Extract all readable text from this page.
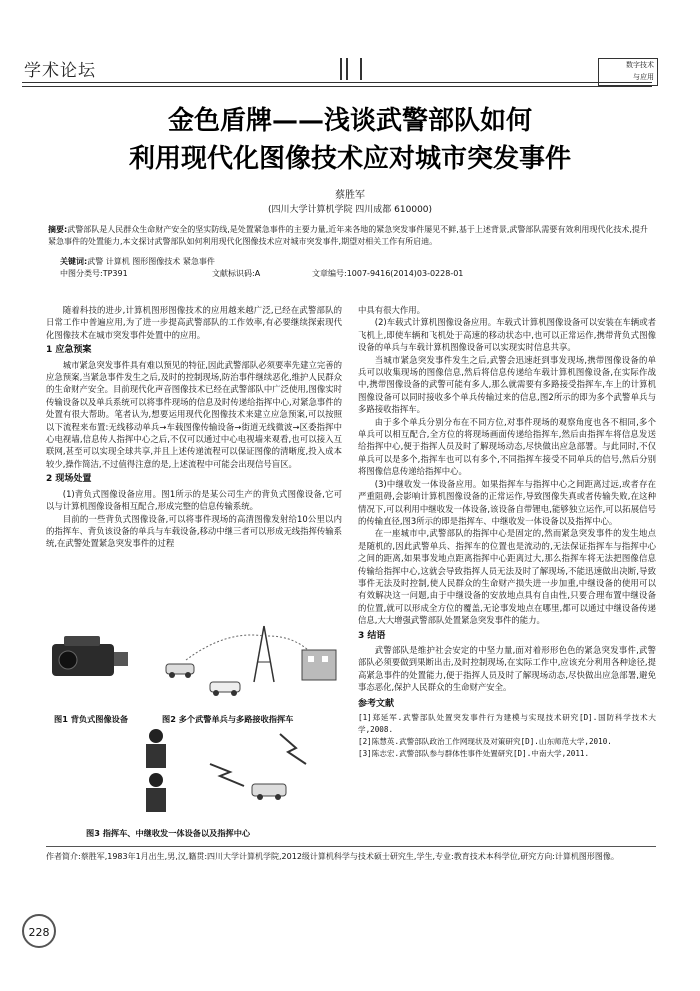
学术论坛	数字技术
与应用
金色盾牌——浅谈武警部队如何
利用现代化图像技术应对城市突发事件
蔡胜军
(四川大学计算机学院 四川成都 610000)
摘要:武警部队是人民群众生命财产安全的坚实防线,是处置紧急事件的主要力量,近年来各地的紧急突发事件屡见不鲜,基于上述背景,武警部队需要有效利用现代化技术,提升紧急事件的处置能力,本文探讨武警部队如何利用现代化图像技术应对城市突发事件,期望对相关工作有所启迪。
关键词:武警 计算机 图形图像技术 紧急事件
中图分类号:TP391	文献标识码:A	文章编号:1007-9416(2014)03-0228-01

随着科技的进步,计算机图形图像技术的应用越来越广泛,已经在武警部队的日常工作中普遍应用,为了进一步提高武警部队的工作效率,有必要继续探索现代化图像技术在城市突发事件处置中的应用。

1 应急预案

城市紧急突发事件具有难以预见的特征,因此武警部队必须要率先建立完善的应急预案,当紧急事件发生之后,及时的控制现场,防治事件继续恶化,维护人民群众的生命财产安全。目前现代化声音图像技术已经在武警部队中广泛使用,图像实时传输设备以及单兵系统可以将事件现场的信息及时传递给指挥中心,对紧急事件的处置有很大帮助。笔者认为,想要运用现代化图像技术来建立应急预案,可以按照以下流程来布置:无线移动单兵→车载图像传输设备→街道无线微波→区委指挥中心电视墙,信息传人指挥中心之后,不仅可以通过中心电视墙来观看,也可以接入互联网,甚至可以实现全球共享,并且上述传递流程可以保证图像的清晰度,投入成本较少,操作简洁,不过值得注意的是,上述流程中可能会出现信号盲区。

2 现场处置

(1)背负式图像设备应用。图1所示的是某公司生产的背负式图像设备,它可以与计算机图像设备相互配合,形成完整的信息传输系统。

目前的一些背负式图像设备,可以将事件现场的高清图像发射给10公里以内的指挥车、背负该设备的单兵与车载设备,移动中继三者可以形成无线指挥传输系统,在武警处置紧急突发事件的过程

图1 背负式图像设备	图2 多个武警单兵与多路接收指挥车
图3 指挥车、中继收发一体设备以及指挥中心
中具有很大作用。

(2)车载式计算机图像设备应用。车载式计算机图像设备可以安装在车辆或者飞机上,即使车辆和飞机处于高速的移动状态中,也可以正常运作,携带背负式图像设备的单兵与车载计算机图像设备可以实现实时信息共享。

当城市紧急突发事件发生之后,武警会迅速赶到事发现场,携带图像设备的单兵可以收集现场的图像信息,然后将信息传递给车载计算机图像设备,在实际作战中,携带图像设备的武警可能有多人,那么就需要有多路接受指挥车,车上的计算机图像设备可以同时接收多个单兵传输过来的信息,图2所示的即为多个武警单兵与多路接收指挥车。

由于多个单兵分别分布在不同方位,对事件现场的观察角度也各不相同,多个单兵可以相互配合,全方位的将现场画面传递给指挥车,然后由指挥车将信息发送给指挥中心,便于指挥人员及时了解现场动态,尽快做出应急部署。与此同时,不仅单兵可以是多个,指挥车也可以有多个,不同指挥车接受不同单兵的信号,然后分别将图像信息传递给指挥中心。

(3)中继收发一体设备应用。如果指挥车与指挥中心之间距离过远,或者存在严重阻碍,会影响计算机图像设备的正常运作,导致图像失真或者传输失败,在这种情况下,可以利用中继收发一体设备,该设备自带锂电,能够独立运作,可以拓展信号的传输直径,图3所示的即是指挥车、中继收发一体设备以及指挥中心。

在一座城市中,武警部队的指挥中心是固定的,然而紧急突发事件的发生地点是随机的,因此武警单兵、指挥车的位置也是流动的,无法保证指挥车与指挥中心之间的距离,如果事发地点距离指挥中心距离过大,那么指挥车将无法把图像信息传输给指挥中心,这就会导致指挥人员无法及时了解现场,不能迅速做出决断,导致事件无法及时控制,使人民群众的生命财产损失进一步加重,中继设备的使用可以有效解决这一问题,由于中继设备的安放地点具有自由性,只要合理布置中继设备的位置,就可以形成全方位的覆盖,无论事发地点在哪里,都可以通过中继设备传递信息,大大增强武警部队处置紧急突发事件的能力。

3 结语

武警部队是维护社会安定的中坚力量,面对着形形色色的紧急突发事件,武警部队必须要做到果断出击,及时控制现场,在实际工作中,应该充分利用各种途径,提高紧急事件的处置能力,便于指挥人员及时了解现场动态,尽快做出应急部署,避免事态恶化,保护人民群众的生命财产安全。

参考文献
[1]郑延军.武警部队处置突发事件行为建模与实现技术研究[D].国防科学技术大学,2008.
[2]陈慧英.武警部队政治工作网现状及对策研究[D].山东师范大学,2010.
[3]陈志宏.武警部队参与群体性事件处置研究[D].中南大学,2011.
作者简介:蔡胜军,1983年1月出生,男,汉,籍贯:四川大学计算机学院,2012级计算机科学与技术硕士研究生,学生,专业:教育技术本科学位,研究方向:计算机图形图像。
228
